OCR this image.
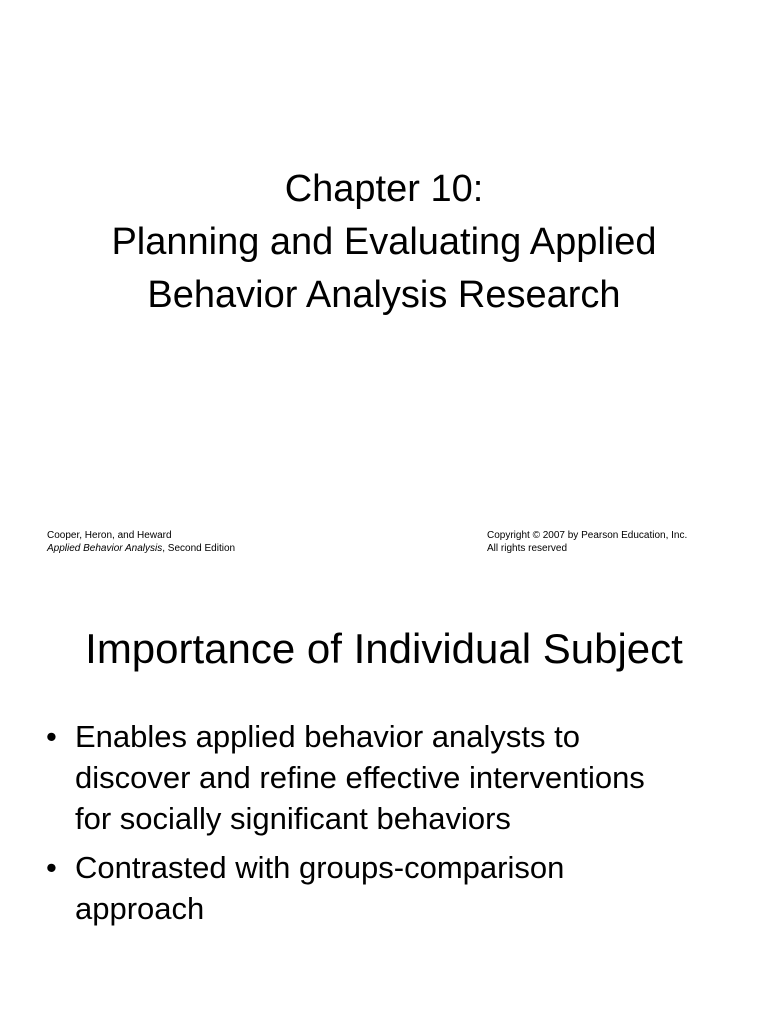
Chapter 10:
Planning and Evaluating Applied
Behavior Analysis Research
Cooper, Heron, and Heward
Applied Behavior Analysis, Second Edition
Copyright © 2007 by Pearson Education, Inc.
All rights reserved
Importance of Individual Subject
• Enables applied behavior analysts to
discover and refine effective interventions
for socially significant behaviors
• Contrasted with groups-comparison
approach
